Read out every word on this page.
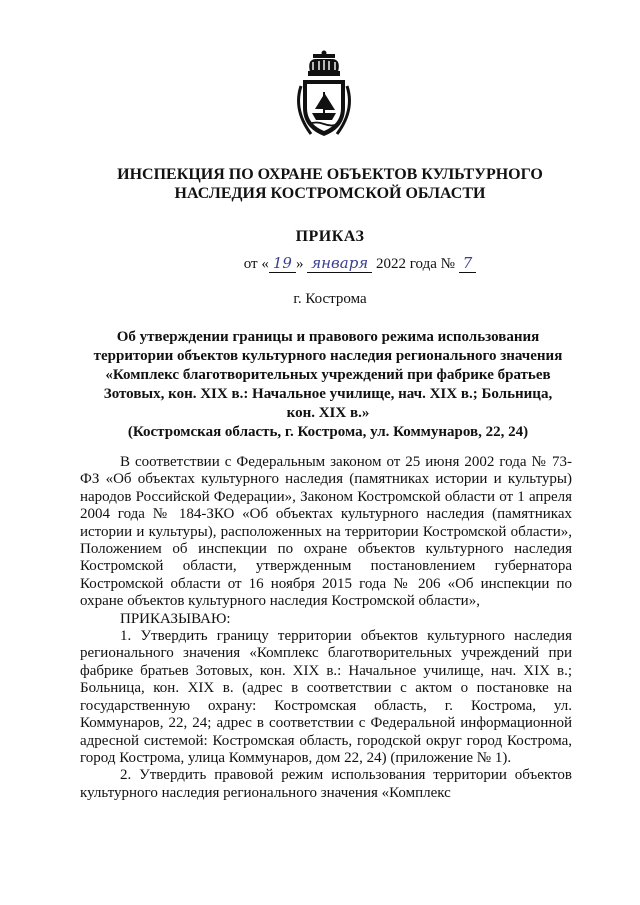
ИНСПЕКЦИЯ ПО ОХРАНЕ ОБЪЕКТОВ КУЛЬТУРНОГО
НАСЛЕДИЯ КОСТРОМСКОЙ ОБЛАСТИ
ПРИКАЗ
от « 19 » января 2022 года № 7
г. Кострома
Об утверждении границы и правового режима использования
территории объектов культурного наследия регионального значения
«Комплекс благотворительных учреждений при фабрике братьев
Зотовых, кон. XIX в.: Начальное училище, нач. XIX в.; Больница,
кон. XIX в.»
(Костромская область, г. Кострома, ул. Коммунаров, 22, 24)

В соответствии с Федеральным законом от 25 июня 2002 года № 73-ФЗ «Об объектах культурного наследия (памятниках истории и культуры) народов Российской Федерации», Законом Костромской области от 1 апреля 2004 года № 184-ЗКО «Об объектах культурного наследия (памятниках истории и культуры), расположенных на территории Костромской области», Положением об инспекции по охране объектов культурного наследия Костромской области, утвержденным постановлением губернатора Костромской области от 16 ноября 2015 года № 206 «Об инспекции по охране объектов культурного наследия Костромской области»,

ПРИКАЗЫВАЮ:

1. Утвердить границу территории объектов культурного наследия регионального значения «Комплекс благотворительных учреждений при фабрике братьев Зотовых, кон. XIX в.: Начальное училище, нач. XIX в.; Больница, кон. XIX в. (адрес в соответствии с актом о постановке на государственную охрану: Костромская область, г. Кострома, ул. Коммунаров, 22, 24; адрес в соответствии с Федеральной информационной адресной системой: Костромская область, городской округ город Кострома, город Кострома, улица Коммунаров, дом 22, 24) (приложение № 1).

2. Утвердить правовой режим использования территории объектов культурного наследия регионального значения «Комплекс
